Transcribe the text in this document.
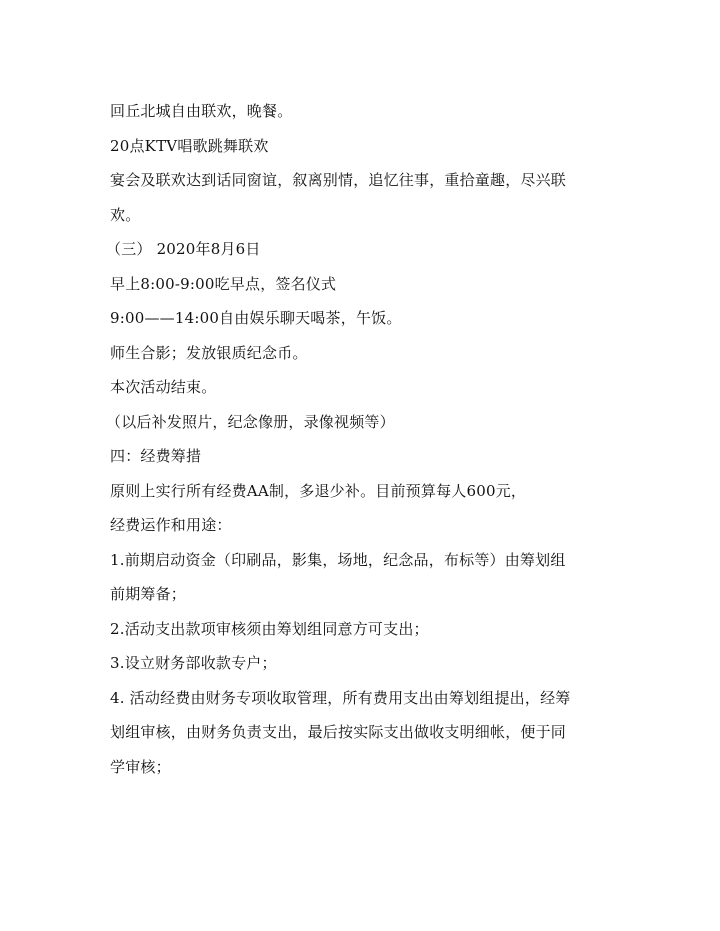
回丘北城自由联欢，晚餐。

20点KTV唱歌跳舞联欢

宴会及联欢达到话同窗谊，叙离别情，追忆往事，重拾童趣，尽兴联

欢。

（三） 2020年8月6日

早上8:00-9:00吃早点，签名仪式

9:00——14:00自由娱乐聊天喝茶，午饭。

师生合影；发放银质纪念币。

本次活动结束。

（以后补发照片，纪念像册，录像视频等）

四：经费筹措

原则上实行所有经费AA制，多退少补。目前预算每人600元，

经费运作和用途：

1.前期启动资金（印刷品，影集，场地，纪念品，布标等）由筹划组

前期筹备；

2.活动支出款项审核须由筹划组同意方可支出；

3.设立财务部收款专户；

4. 活动经费由财务专项收取管理，所有费用支出由筹划组提出，经筹

划组审核，由财务负责支出，最后按实际支出做收支明细帐，便于同

学审核；
